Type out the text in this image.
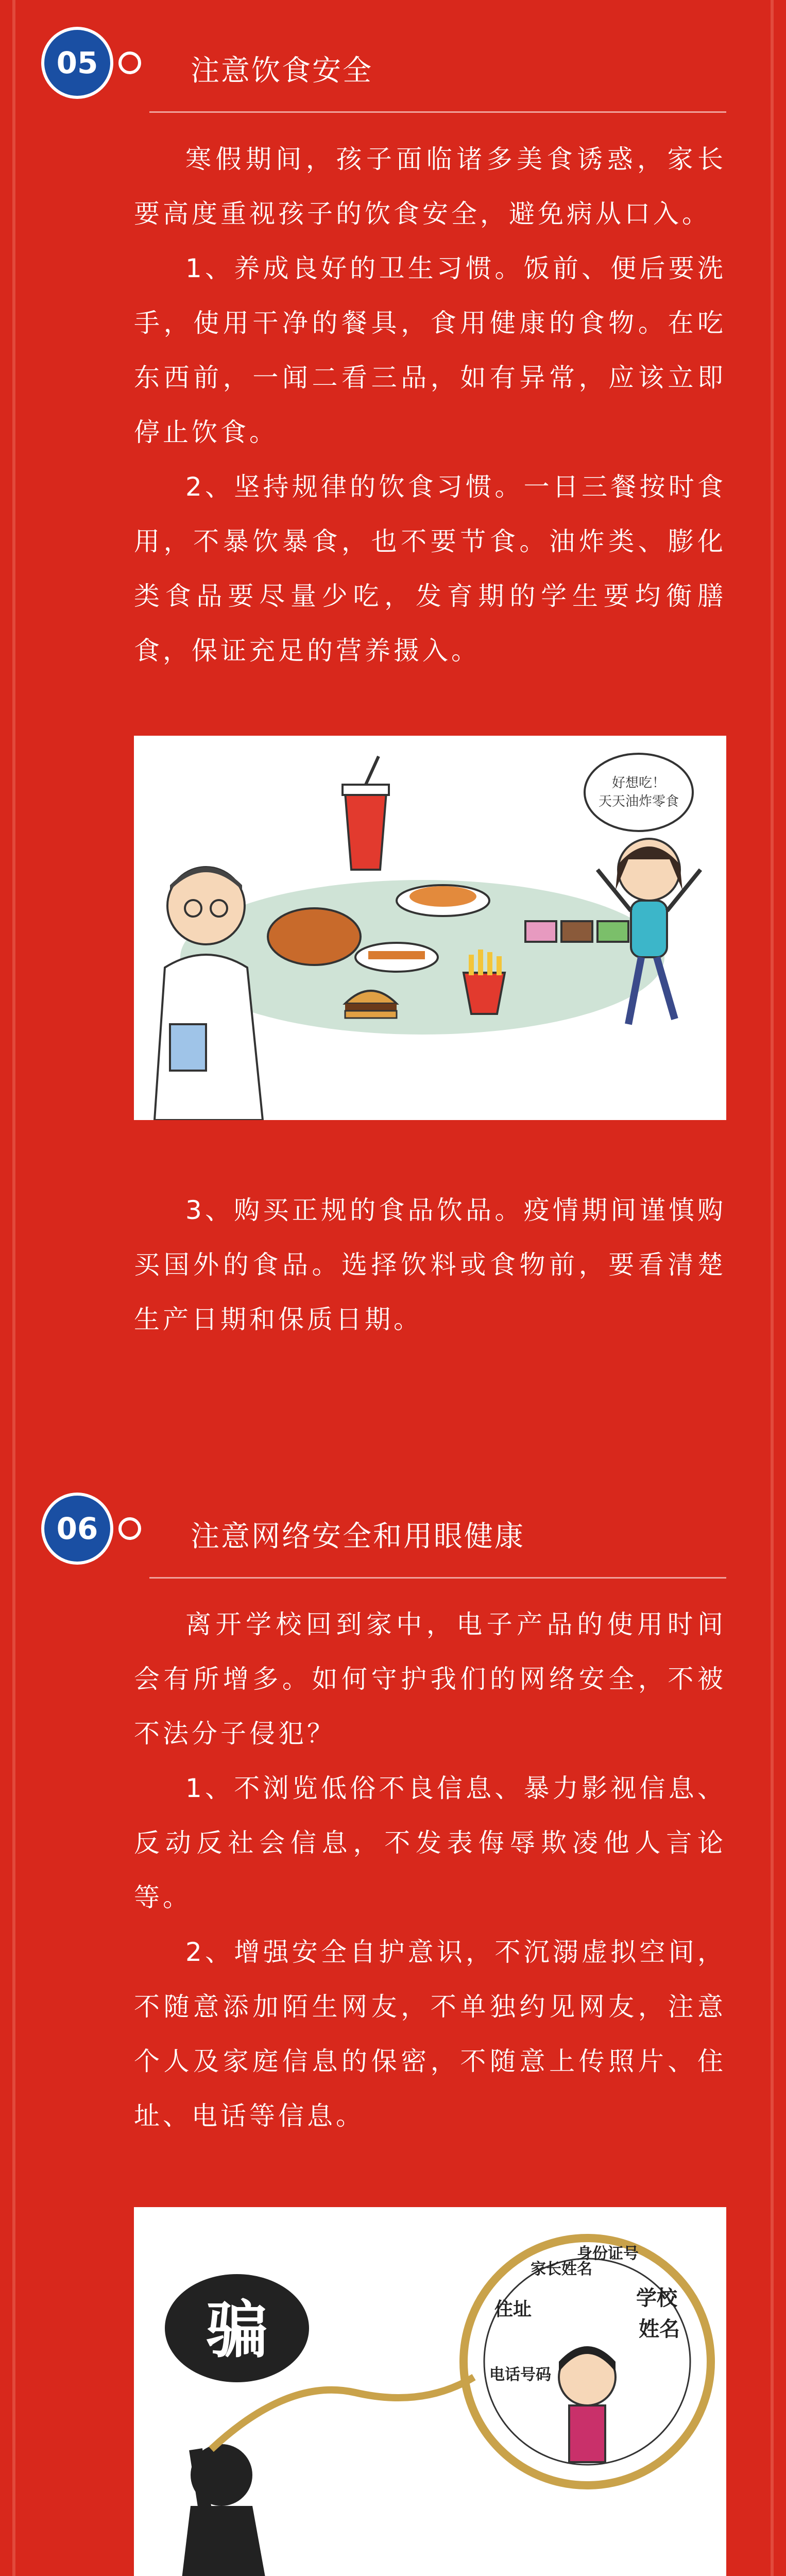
05	注意饮食安全

寒假期间，孩子面临诸多美食诱惑，家长要高度重视孩子的饮食安全，避免病从口入。

1、养成良好的卫生习惯。饭前、便后要洗手，使用干净的餐具，食用健康的食物。在吃东西前，一闻二看三品，如有异常，应该立即停止饮食。

2、坚持规律的饮食习惯。一日三餐按时食用，不暴饮暴食，也不要节食。油炸类、膨化类食品要尽量少吃，发育期的学生要均衡膳食，保证充足的营养摄入。

好想吃！
天天油炸零食

3、购买正规的食品饮品。疫情期间谨慎购买国外的食品。选择饮料或食物前，要看清楚生产日期和保质日期。

06	注意网络安全和用眼健康

离开学校回到家中，电子产品的使用时间会有所增多。如何守护我们的网络安全，不被不法分子侵犯？

1、不浏览低俗不良信息、暴力影视信息、反动反社会信息，不发表侮辱欺凌他人言论等。

2、增强安全自护意识，不沉溺虚拟空间，不随意添加陌生网友，不单独约见网友，注意个人及家庭信息的保密，不随意上传照片、住址、电话等信息。

骗	住址
家长姓名
身份证号
学校
姓名
电话号码
